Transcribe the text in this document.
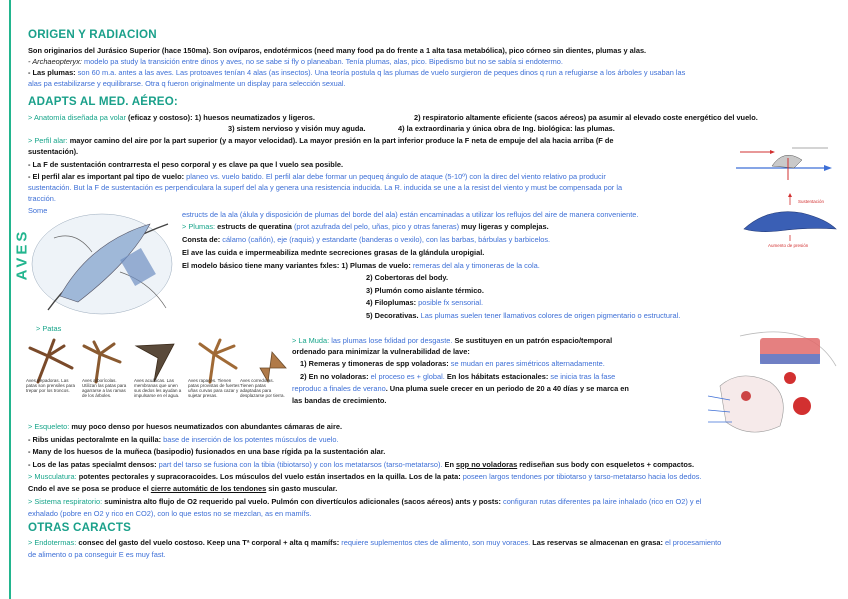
AVES
ORIGEN Y RADIACION
Son originarios del Jurásico Superior (hace 150ma). Son ovíparos, endotérmicos (need many food pa do frente a 1 alta tasa metabólica), pico córneo sin dientes, plumas y alas.
- Archaeopteryx: modelo pa study la transición entre dinos y aves, no se sabe si fly o planeaban. Tenía plumas, alas, pico. Bipedismo but no se sabía si endotermo.
- Las plumas: son 60 m.a. antes a las aves. Las protoaves tenían 4 alas (as insectos). Una teoría postula q las plumas de vuelo surgieron de peques dinos q run a refugiarse a los árboles y usaban las
alas pa estabilizarse y equilibrarse. Otra q fueron originalmente un display para selección sexual.
ADAPTS AL MED. AÉREO:
> Anatomía diseñada pa volar (eficaz y costoso): 1) huesos neumatizados y ligeros.	2) respiratorio altamente eficiente (sacos aéreos) pa asumir al elevado coste energético del vuelo.
3) sistem nervioso y visión muy aguda.	4) la extraordinaria y única obra de Ing. biológica: las plumas.
> Perfil alar: mayor camino del aire por la part superior (y a mayor velocidad). La mayor presión en la part inferior produce la F neta de empuje del ala hacia arriba (F de
sustentación).
- La F de sustentación contrarresta el peso corporal y es clave pa que l vuelo sea posible.
- El perfil alar es important pal tipo de vuelo: planeo vs. vuelo batido. El perfil alar debe formar un pequeq ángulo de ataque (5-10º) con la direc del viento relativo pa producir
sustentación. But la F de sustentación es perpendiculara la superf del ala y genera una resistencia inducida. La R. inducida se une a la resist del viento y must be compensada por la
tracción.
Some	estructs de la ala (álula y disposición de plumas del borde del ala) están encaminadas a utilizar los reflujos del aire de manera conveniente.
> Plumas: estructs de queratina (prot azufrada del pelo, uñas, pico y otras faneras) muy ligeras y complejas.
Consta de: cálamo (cañón), eje (raquis) y estandarte (banderas o vexilo), con las barbas, bárbulas y barbicelos.
El ave las cuida e impermeabiliza mednte secreciones grasas de la glándula uropigial.
El modelo básico tiene many variantes fxles: 1) Plumas de vuelo: remeras del ala y timoneras de la cola.
2) Cobertoras del body.
3) Plumón como aislante térmico.
4) Filoplumas: posible fx sensorial.
5) Decorativas. Las plumas suelen tener llamativos colores de origen pigmentario o estructural.
> Patas
> La Muda: las plumas lose fxlidad por desgaste. Se sustituyen en un patrón espacio/temporal
ordenado para minimizar la vulnerabilidad de lave:
1) Remeras y timoneras de spp voladoras: se mudan en pares simétricos alternadamente.
2) En no voladoras: el proceso es + global. En los hábitats estacionales: se inicia tras la fase
reproduc a finales de verano. Una pluma suele crecer en un periodo de 20 a 40 días y se marca en
las bandas de crecimiento.
> Esqueleto: muy poco denso por huesos neumatizados con abundantes cámaras de aire.
- Ribs unidas pectoralmte en la quilla: base de inserción de los potentes músculos de vuelo.
- Many de los huesos de la muñeca (basipodio) fusionados en una base rígida pa la sustentación alar.
- Los de las patas specialmt densos: part del tarso se fusiona con la tibia (tibiotarso) y con los metatarsos (tarso-metatarso). En spp no voladoras rediseñan sus body con esqueletos + compactos.
> Musculatura: potentes pectorales y supracoracoides. Los músculos del vuelo están insertados en la quilla. Los de la pata: poseen largos tendones por tibiotarso y tarso-metatarso hacia los dedos.
Cndo el ave se posa se produce el cierre automátic de los tendones sin gasto muscular.
> Sistema respiratorio: suministra alto flujo de O2 requerido pal vuelo. Pulmón con divertículos adicionales (sacos aéreos) ants y posts: configuran rutas diferentes pa laire inhalado (rico en O2) y el
exhalado (pobre en O2 y rico en CO2), con lo que estos no se mezclan, as en mamífs.
OTRAS CARACTS
> Endotermas: consec del gasto del vuelo costoso. Keep una Tª corporal + alta q mamífs: requiere suplementos ctes de alimento, son muy voraces. Las reservas se almacenan en grasa: el procesamiento
de alimento o pa conseguir E es muy fast.
Sustentación
Aumento de presión
Aves trepadoras. Las patas son prensiles para trepar por los troncos.
Aves arborícolas. Utilizan las patas para agarrarse a las ramas de los árboles.
Aves acuáticas. Las membranas que unen sus dedos les ayudan a impulsarse en el agua.
Aves rapaces. Tienen patas provistas de fuertes uñas curvas para cazar y sujetar presas.
Aves corredoras. Tienen patas adaptadas para desplazarse por tierra.
